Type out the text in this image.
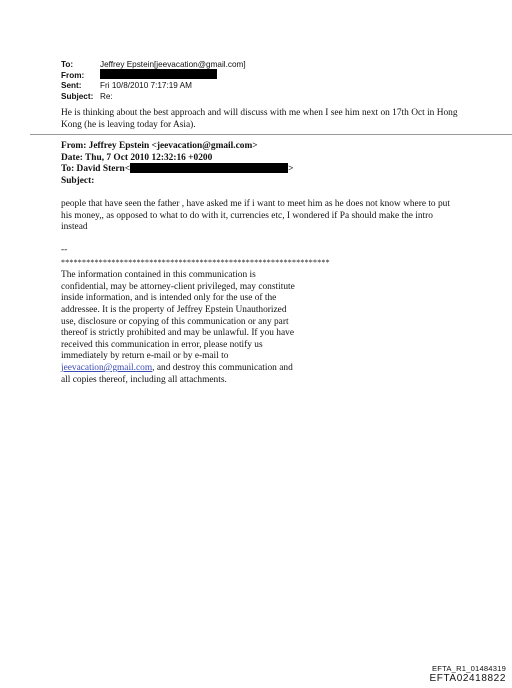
To:	Jeffrey Epstein[jeevacation@gmail.com]
From:
Sent:	Fri 10/8/2010 7:17:19 AM
Subject: Re:
He is thinking about the best approach and will discuss with me when I see him next on 17th Oct in Hong Kong (he is leaving today for Asia).
From: Jeffrey Epstein <jeevacation@gmail.com>
Date: Thu, 7 Oct 2010 12:32:16 +0200
To: David Stern<	>
Subject:
people that have seen the father , have asked me if i want to meet him as he does not know where to put his money,, as opposed to what to do with it, currencies etc, I wondered if Pa should make the intro instead
--
****************************************************************
The information contained in this communication is confidential, may be attorney-client privileged, may constitute inside information, and is intended only for the use of the addressee. It is the property of Jeffrey Epstein Unauthorized use, disclosure or copying of this communication or any part thereof is strictly prohibited and may be unlawful. If you have received this communication in error, please notify us immediately by return e-mail or by e-mail to jeevacation@gmail.com, and destroy this communication and all copies thereof, including all attachments.
EFTA_R1_01484319
EFTA02418822
